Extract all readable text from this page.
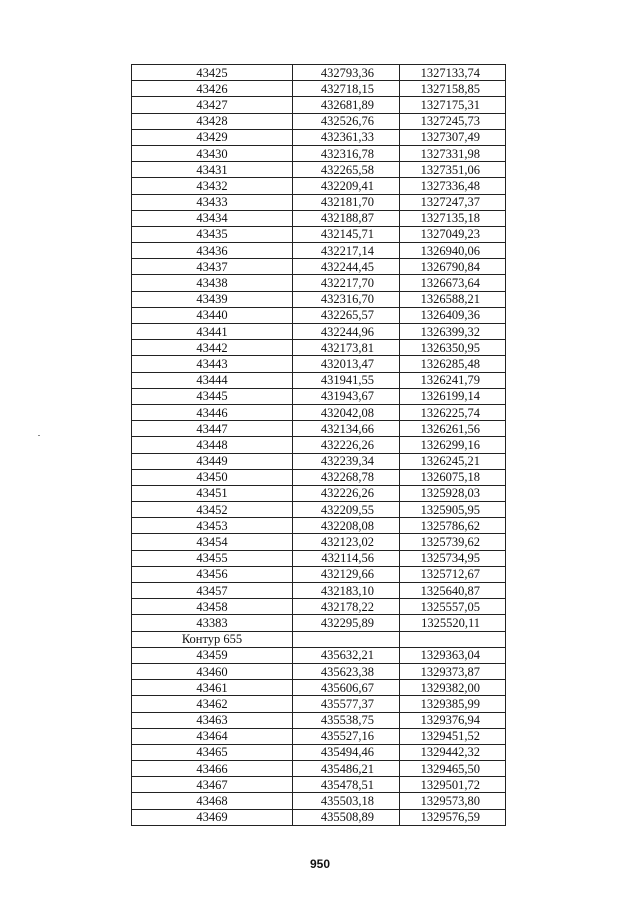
43425	432793,36	1327133,74
43426	432718,15	1327158,85
43427	432681,89	1327175,31
43428	432526,76	1327245,73
43429	432361,33	1327307,49
43430	432316,78	1327331,98
43431	432265,58	1327351,06
43432	432209,41	1327336,48
43433	432181,70	1327247,37
43434	432188,87	1327135,18
43435	432145,71	1327049,23
43436	432217,14	1326940,06
43437	432244,45	1326790,84
43438	432217,70	1326673,64
43439	432316,70	1326588,21
43440	432265,57	1326409,36
43441	432244,96	1326399,32
43442	432173,81	1326350,95
43443	432013,47	1326285,48
43444	431941,55	1326241,79
43445	431943,67	1326199,14
43446	432042,08	1326225,74
43447	432134,66	1326261,56
43448	432226,26	1326299,16
43449	432239,34	1326245,21
43450	432268,78	1326075,18
43451	432226,26	1325928,03
43452	432209,55	1325905,95
43453	432208,08	1325786,62
43454	432123,02	1325739,62
43455	432114,56	1325734,95
43456	432129,66	1325712,67
43457	432183,10	1325640,87
43458	432178,22	1325557,05
43383	432295,89	1325520,11
Контур 655		
43459	435632,21	1329363,04
43460	435623,38	1329373,87
43461	435606,67	1329382,00
43462	435577,37	1329385,99
43463	435538,75	1329376,94
43464	435527,16	1329451,52
43465	435494,46	1329442,32
43466	435486,21	1329465,50
43467	435478,51	1329501,72
43468	435503,18	1329573,80
43469	435508,89	1329576,59
950
